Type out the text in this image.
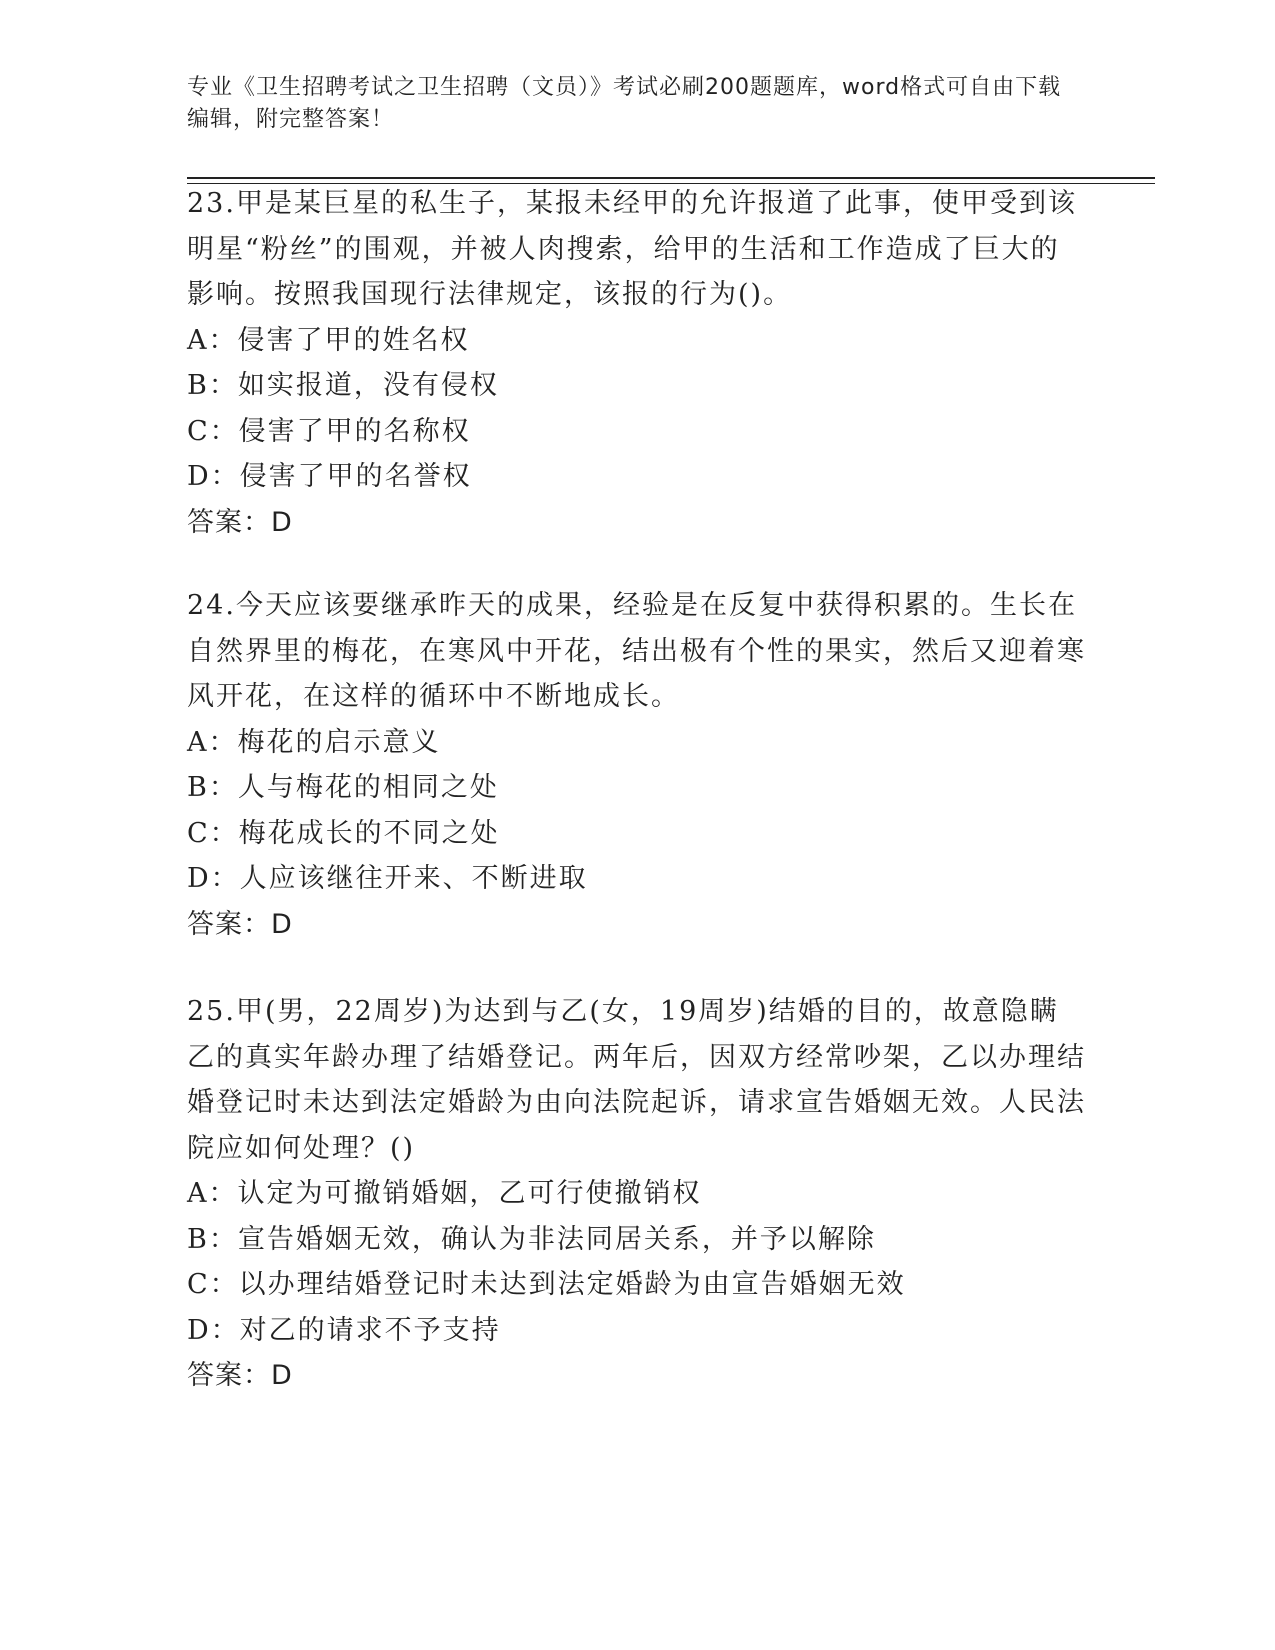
专业《卫生招聘考试之卫生招聘（文员）》考试必刷200题题库，word格式可自由下载编辑，附完整答案！

23.甲是某巨星的私生子，某报未经甲的允许报道了此事，使甲受到该明星“粉丝”的围观，并被人肉搜索，给甲的生活和工作造成了巨大的影响。按照我国现行法律规定，该报的行为()。

A：侵害了甲的姓名权

B：如实报道，没有侵权

C：侵害了甲的名称权

D：侵害了甲的名誉权

答案：D

24.今天应该要继承昨天的成果，经验是在反复中获得积累的。生长在自然界里的梅花，在寒风中开花，结出极有个性的果实，然后又迎着寒风开花，在这样的循环中不断地成长。

A：梅花的启示意义

B：人与梅花的相同之处

C：梅花成长的不同之处

D：人应该继往开来、不断进取

答案：D

25.甲(男，22周岁)为达到与乙(女，19周岁)结婚的目的，故意隐瞒乙的真实年龄办理了结婚登记。两年后，因双方经常吵架，乙以办理结婚登记时未达到法定婚龄为由向法院起诉，请求宣告婚姻无效。人民法院应如何处理？()

A：认定为可撤销婚姻，乙可行使撤销权

B：宣告婚姻无效，确认为非法同居关系，并予以解除

C：以办理结婚登记时未达到法定婚龄为由宣告婚姻无效

D：对乙的请求不予支持

答案：D
